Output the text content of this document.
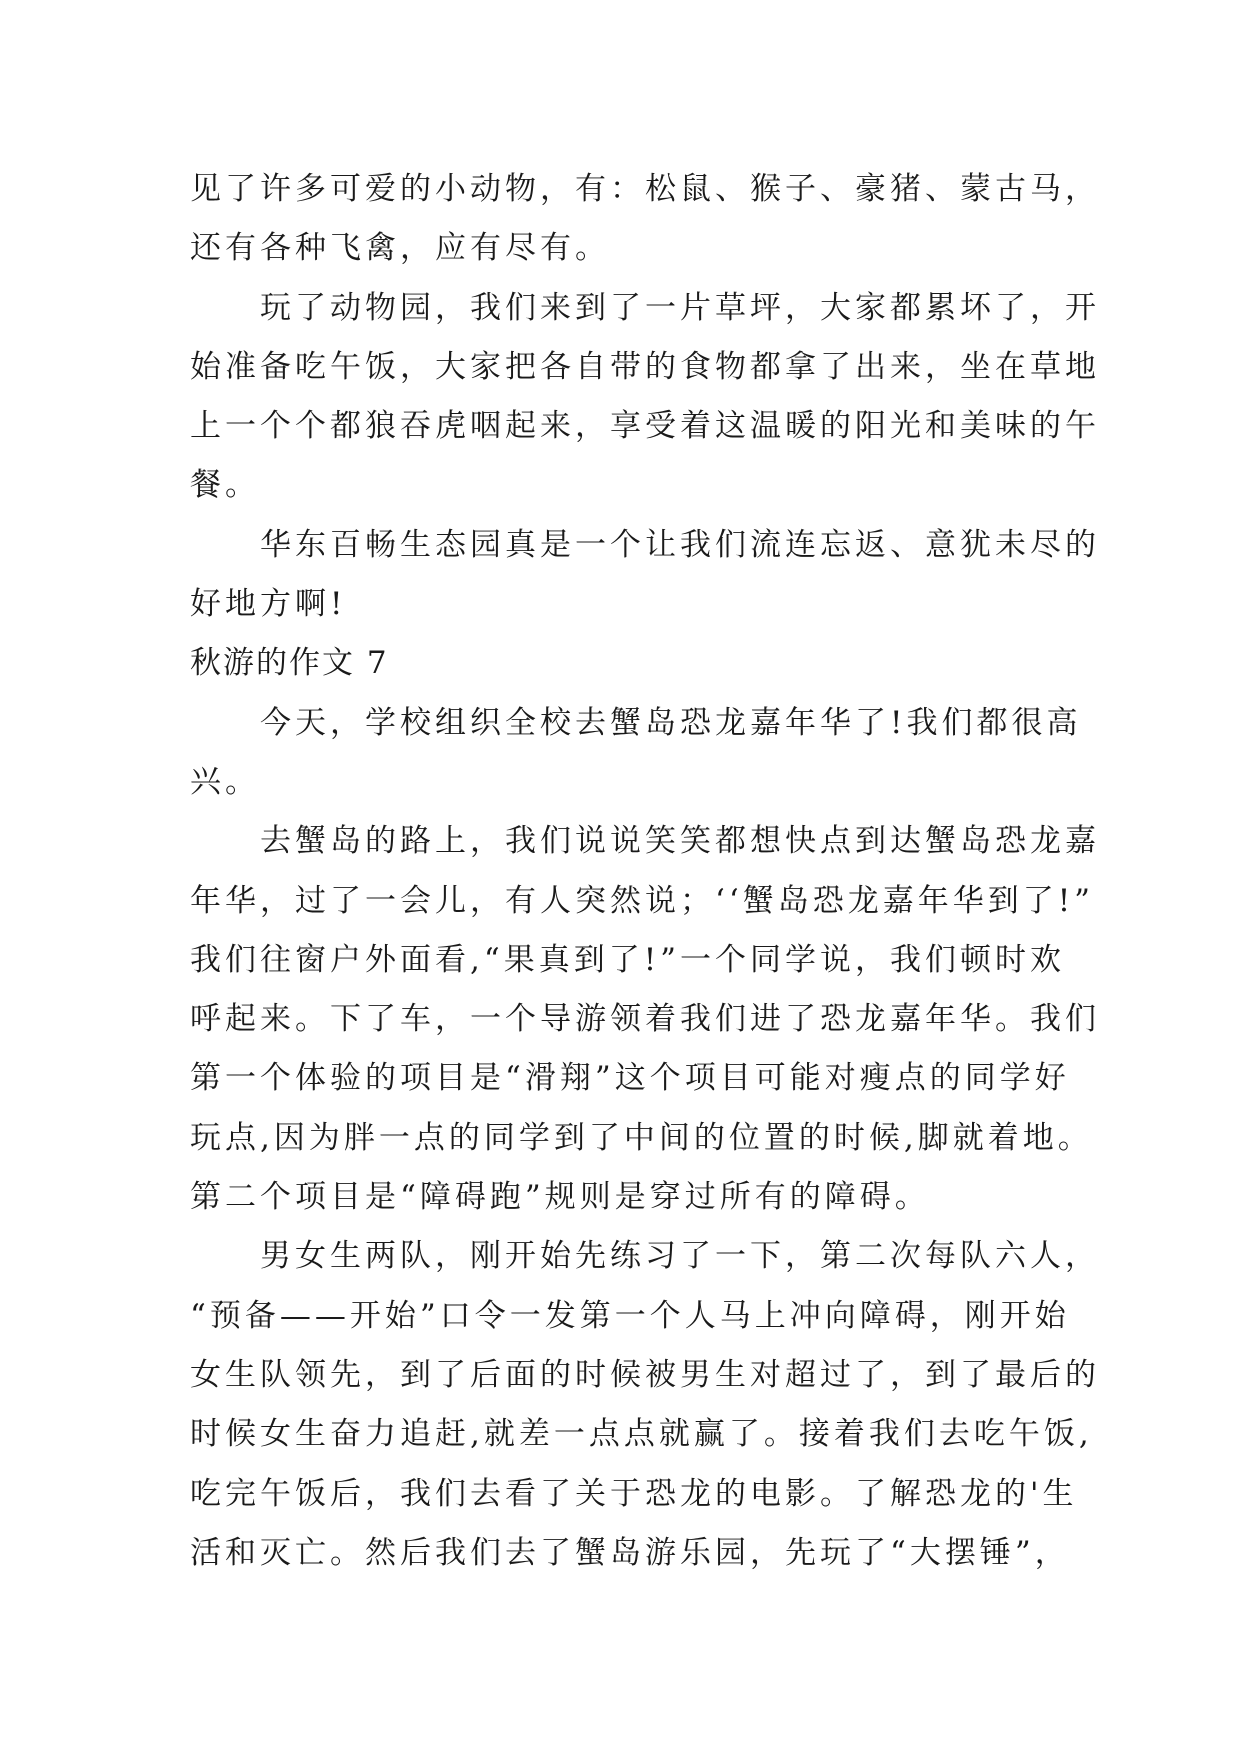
见了许多可爱的小动物，有：松鼠、猴子、豪猪、蒙古马，
还有各种飞禽，应有尽有。
　　玩了动物园，我们来到了一片草坪，大家都累坏了，开
始准备吃午饭，大家把各自带的食物都拿了出来，坐在草地
上一个个都狼吞虎咽起来，享受着这温暖的阳光和美味的午
餐。
　　华东百畅生态园真是一个让我们流连忘返、意犹未尽的
好地方啊!
秋游的作文 7
　　今天，学校组织全校去蟹岛恐龙嘉年华了!我们都很高
兴。
　　去蟹岛的路上，我们说说笑笑都想快点到达蟹岛恐龙嘉
年华，过了一会儿，有人突然说；‘‘蟹岛恐龙嘉年华到了!”
我们往窗户外面看,“果真到了!”一个同学说，我们顿时欢
呼起来。下了车，一个导游领着我们进了恐龙嘉年华。我们
第一个体验的项目是“滑翔”这个项目可能对瘦点的同学好
玩点,因为胖一点的同学到了中间的位置的时候,脚就着地。
第二个项目是“障碍跑”规则是穿过所有的障碍。
　　男女生两队，刚开始先练习了一下，第二次每队六人，
“预备——开始”口令一发第一个人马上冲向障碍，刚开始
女生队领先，到了后面的时候被男生对超过了，到了最后的
时候女生奋力追赶,就差一点点就赢了。接着我们去吃午饭,
吃完午饭后，我们去看了关于恐龙的电影。了解恐龙的'生
活和灭亡。然后我们去了蟹岛游乐园，先玩了“大摆锤”，
